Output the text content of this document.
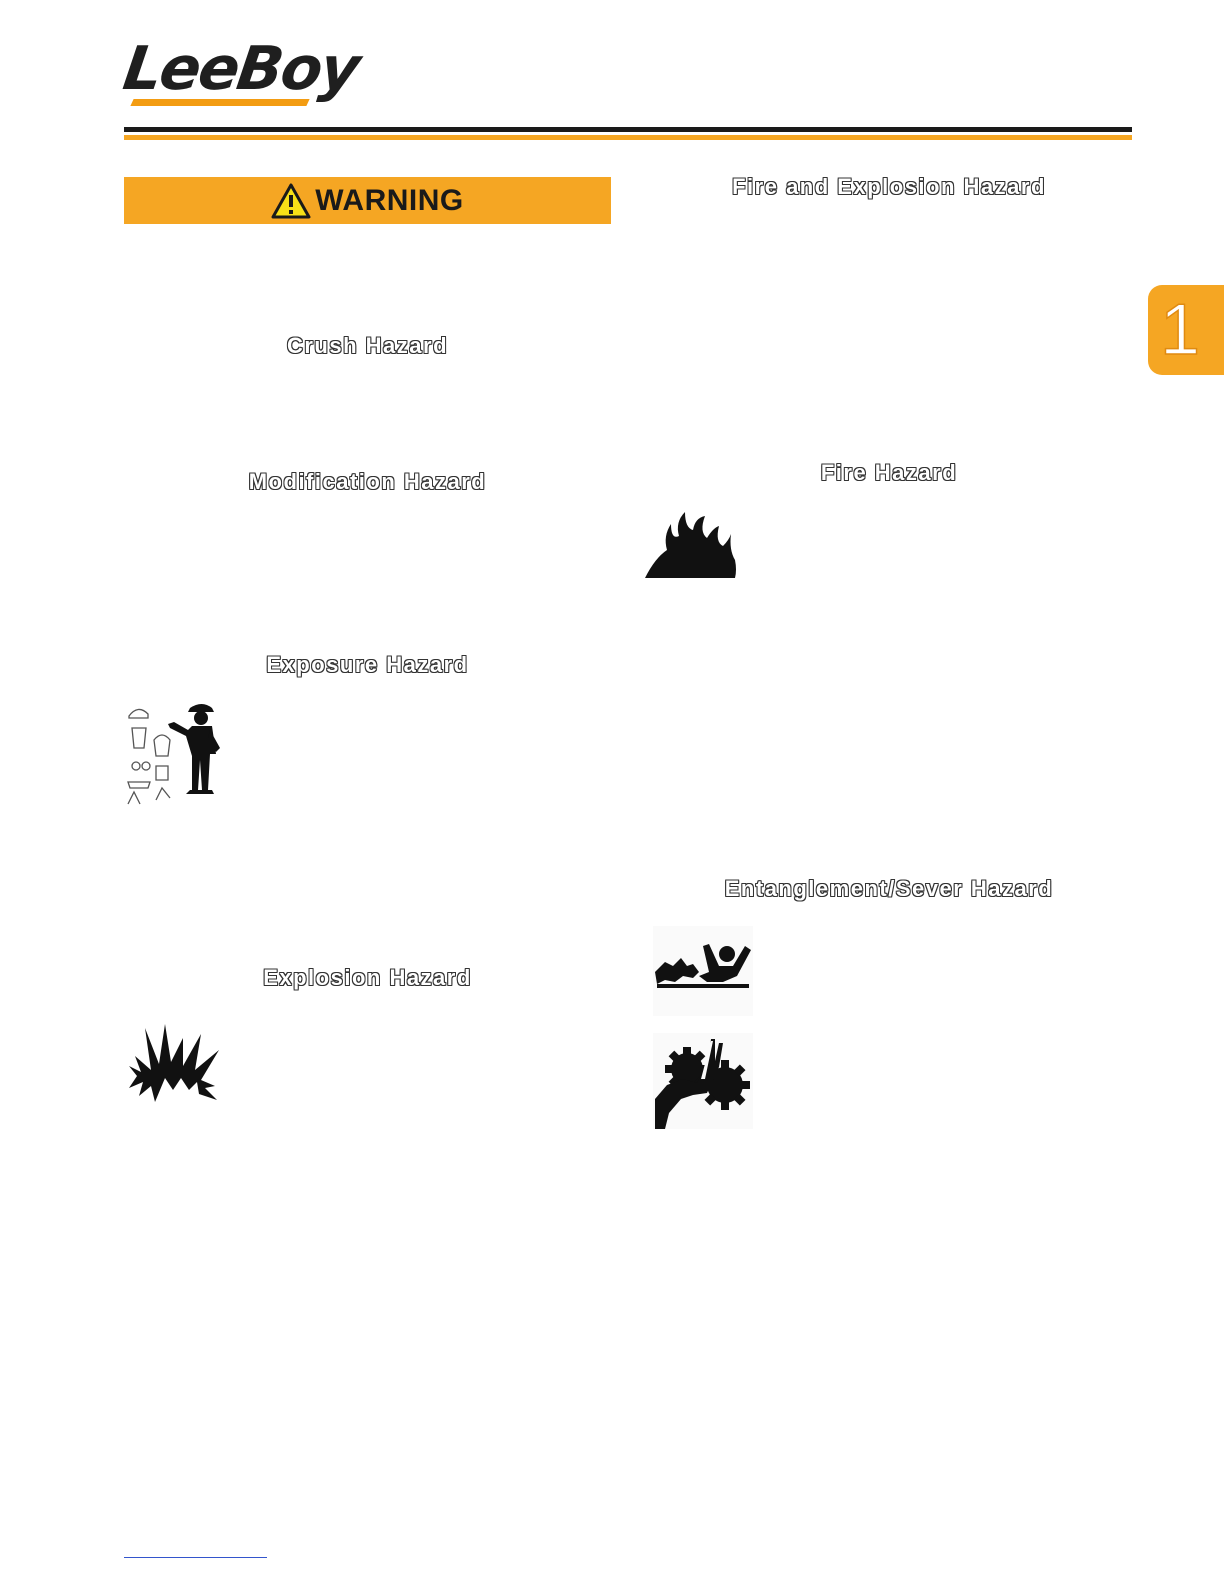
LeeBoy
1
WARNING
Crush Hazard
Modification Hazard
Exposure Hazard
Explosion Hazard
Fire and Explosion Hazard
Fire Hazard
Entanglement/Sever Hazard
